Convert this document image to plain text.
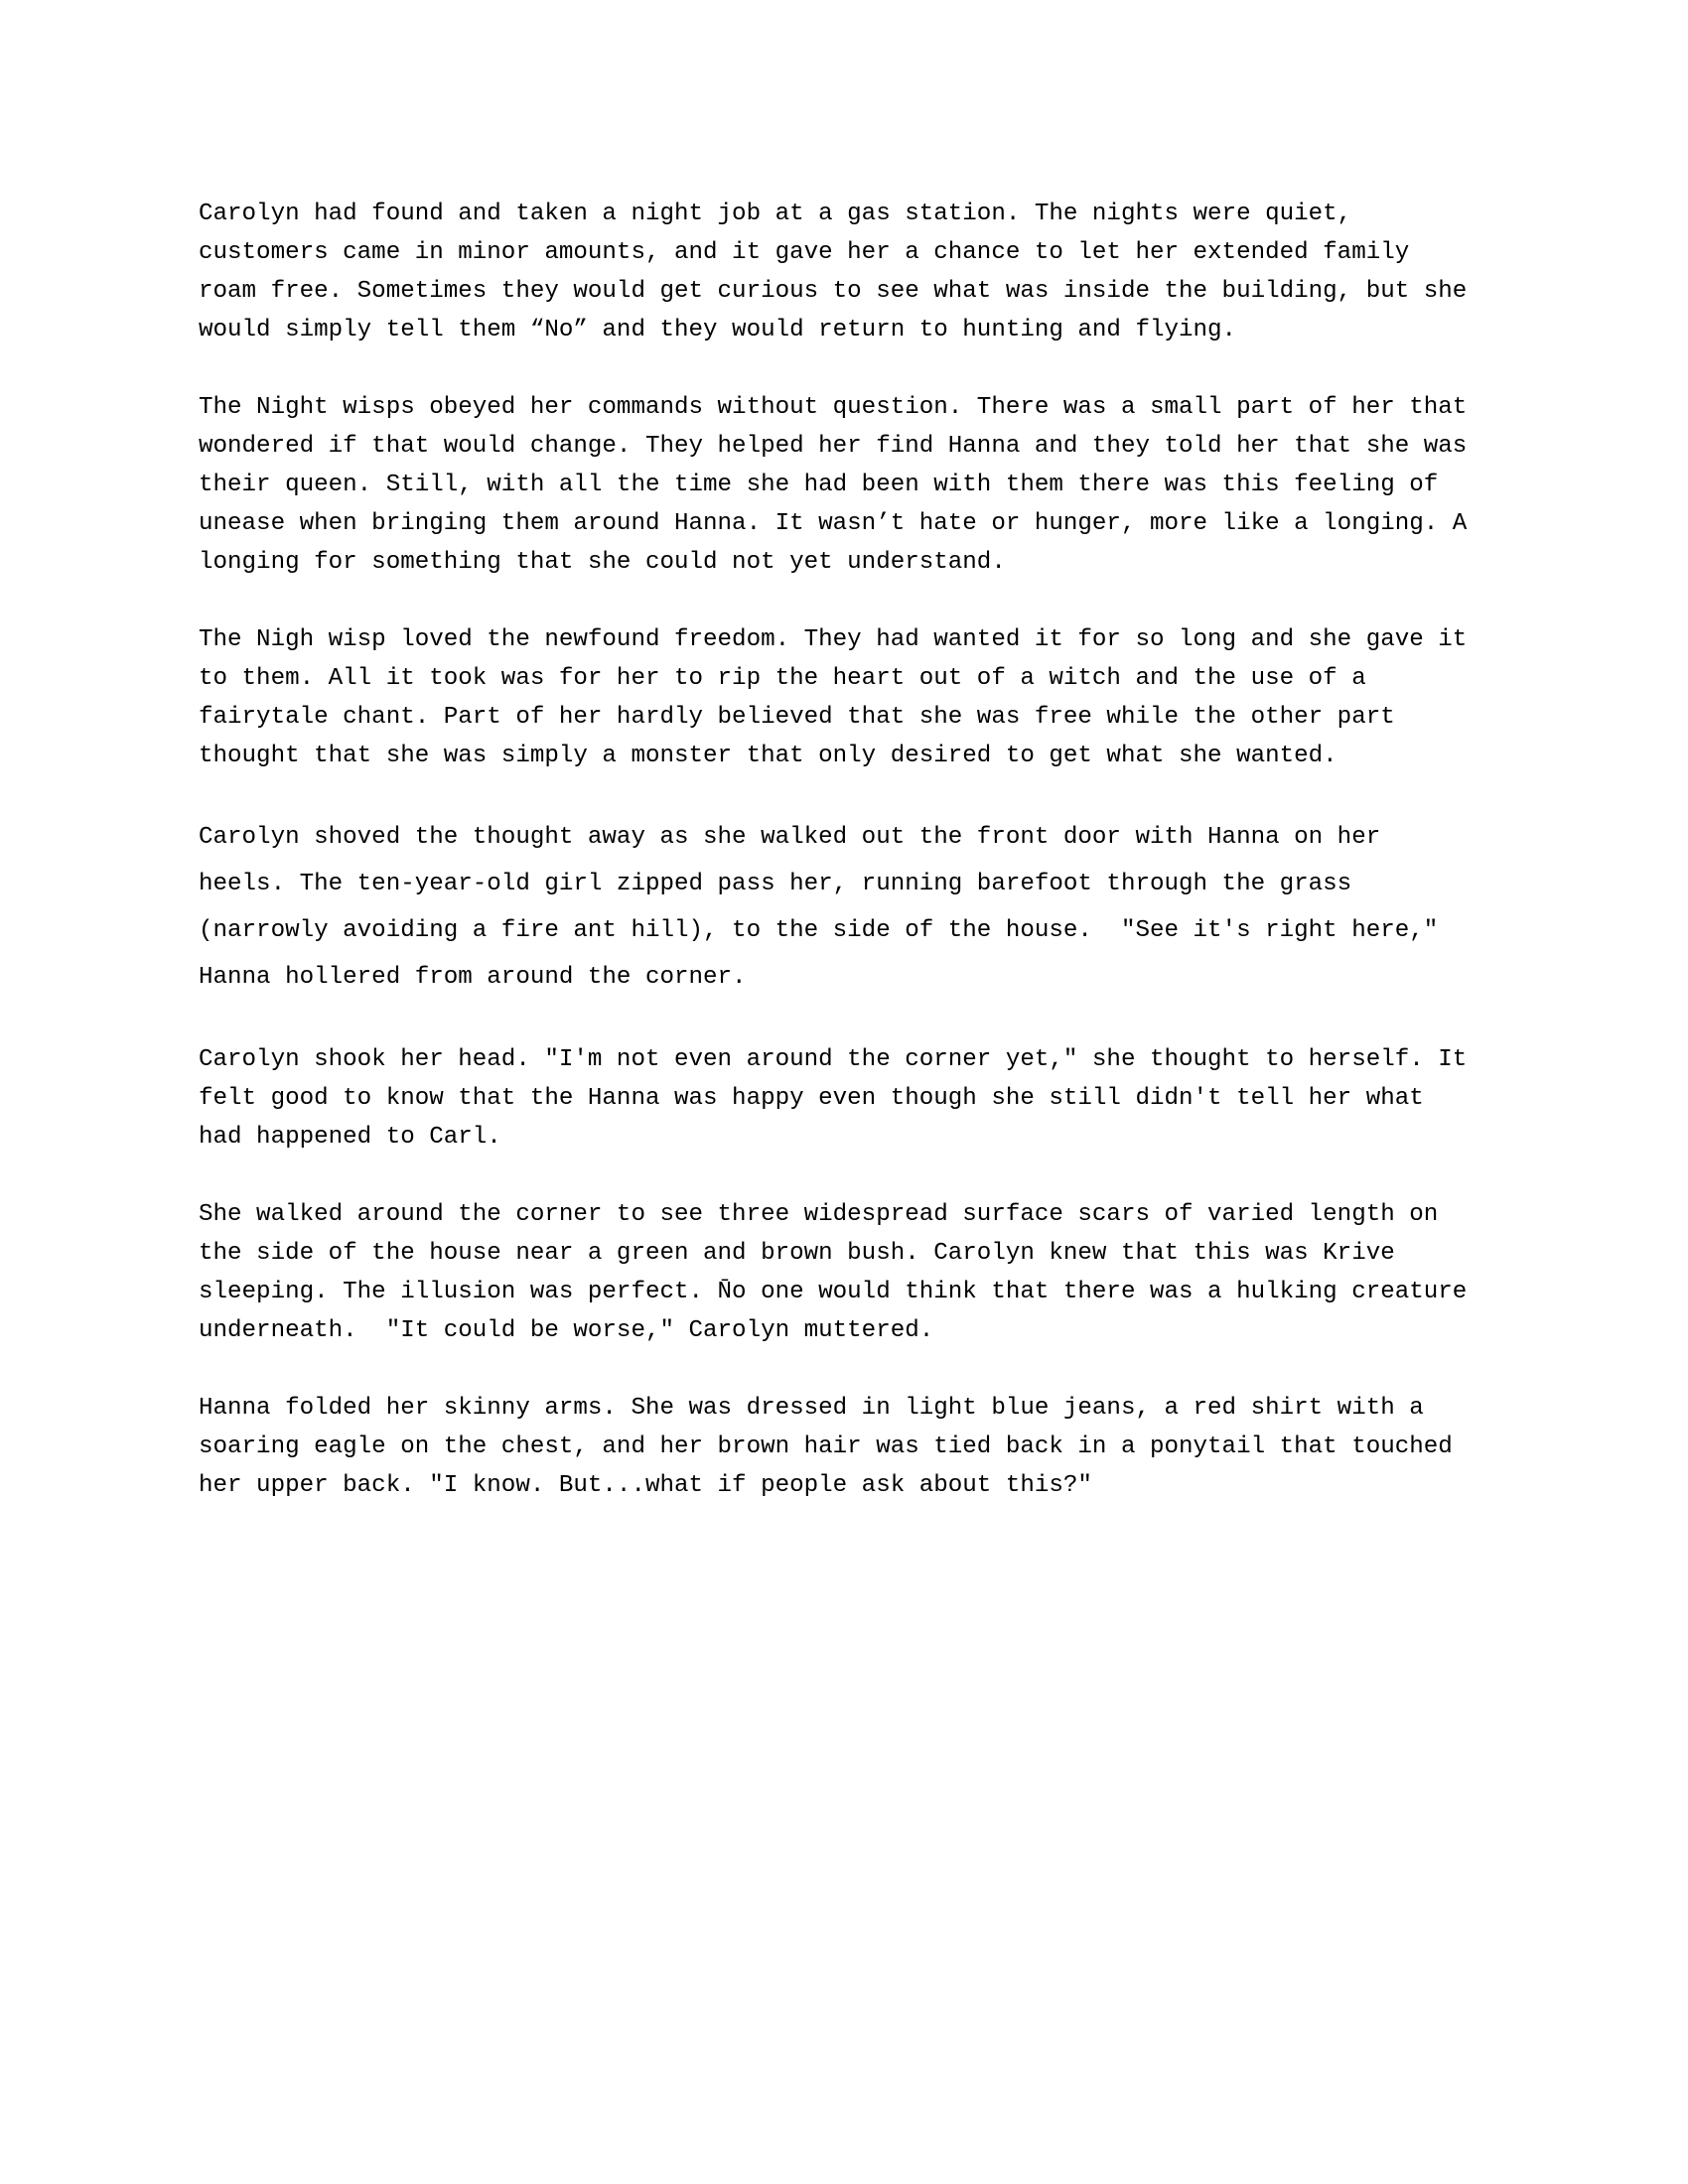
Carolyn had found and taken a night job at a gas station. The nights were quiet, customers came in minor amounts, and it gave her a chance to let her extended family roam free. Sometimes they would get curious to see what was inside the building, but she would simply tell them “No” and they would return to hunting and flying.

The Night wisps obeyed her commands without question. There was a small part of her that wondered if that would change. They helped her find Hanna and they told her that she was their queen. Still, with all the time she had been with them there was this feeling of unease when bringing them around Hanna. It wasn’t hate or hunger, more like a longing. A longing for something that she could not yet understand.

The Nigh wisp loved the newfound freedom. They had wanted it for so long and she gave it to them. All it took was for her to rip the heart out of a witch and the use of a fairytale chant. Part of her hardly believed that she was free while the other part thought that she was simply a monster that only desired to get what she wanted.

Carolyn shoved the thought away as she walked out the front door with Hanna on her heels. The ten-year-old girl zipped pass her, running barefoot through the grass (narrowly avoiding a fire ant hill), to the side of the house.  "See it's right here," Hanna hollered from around the corner.

Carolyn shook her head. "I'm not even around the corner yet," she thought to herself. It felt good to know that the Hanna was happy even though she still didn't tell her what had happened to Carl.

She walked around the corner to see three widespread surface scars of varied length on the side of the house near a green and brown bush. Carolyn knew that this was Krive sleeping. The illusion was perfect. N̄o one would think that there was a hulking creature underneath.  "It could be worse," Carolyn muttered.

Hanna folded her skinny arms. She was dressed in light blue jeans, a red shirt with a soaring eagle on the chest, and her brown hair was tied back in a ponytail that touched her upper back. "I know. But...what if people ask about this?"
